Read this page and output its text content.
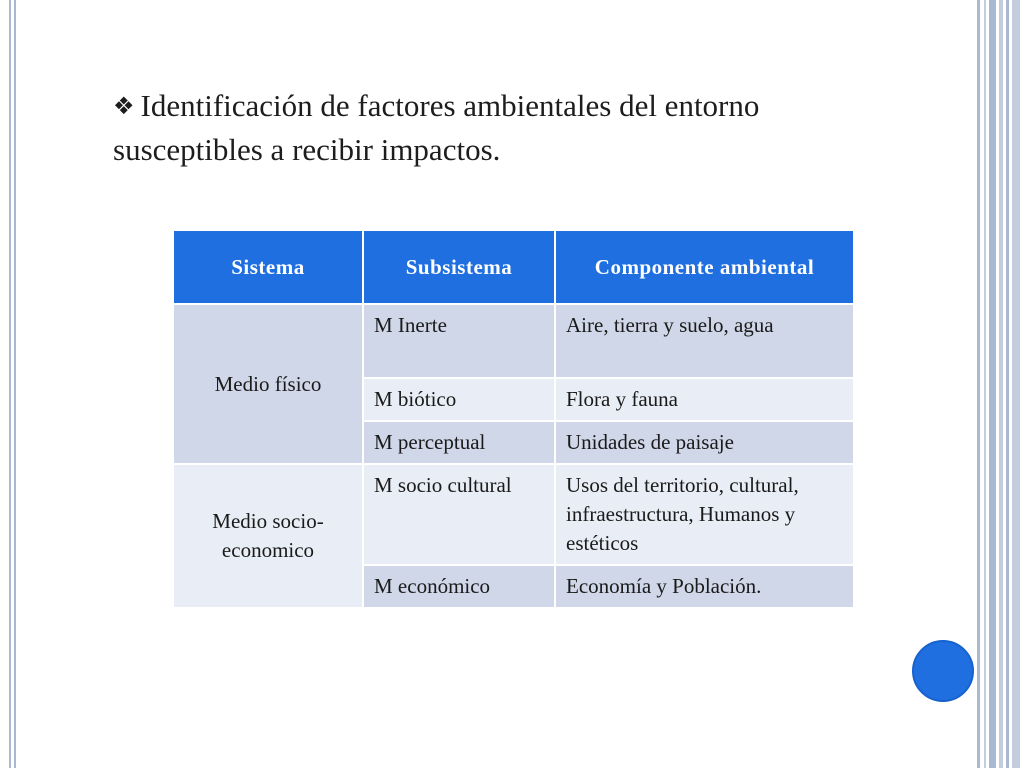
❖ Identificación de factores ambientales del entorno susceptibles a recibir impactos.
Sistema	Subsistema	Componente ambiental
Medio físico	M Inerte	Aire, tierra y suelo, agua
	M biótico	Flora y fauna
	M perceptual	Unidades de paisaje
Medio socio-economico	M socio cultural	Usos del territorio, cultural, infraestructura, Humanos y estéticos
	M económico	Economía y Población.
